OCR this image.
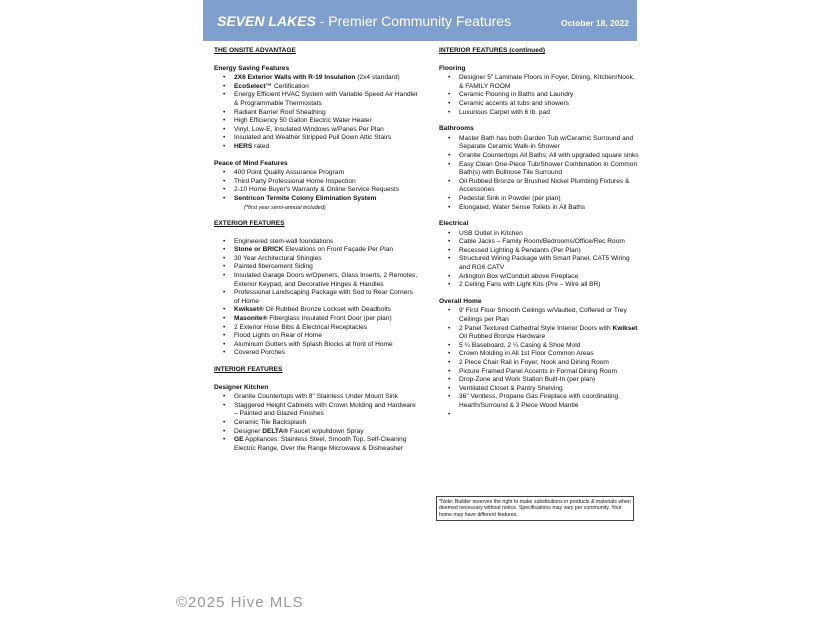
SEVEN LAKES - Premier Community Features	October 18, 2022
THE ONSITE ADVANTAGE
Energy Saving Features
• 2X6 Exterior Walls with R-19 Insulation (2x4 standard)
• EcoSelect™ Certification
• Energy Efficient HVAC System with Variable Speed Air Handler & Programmable Thermostats
• Radiant Barrier Roof Sheathing
• High Efficiency 50 Gallon Electric Water Heater
• Vinyl, Low-E, Insulated Windows w/Panes Per Plan
• Insulated and Weather Stripped Pull Down Attic Stairs
• HERS rated
Peace of Mind Features
• 400 Point Quality Assurance Program
• Third Party Professional Home Inspection
• 2-10 Home Buyer's Warranty & Online Service Requests
• Sentricon Termite Colony Elimination System
(*first year semi-annual included)
EXTERIOR FEATURES
• Engineered stem-wall foundations
• Stone or BRICK Elevations on Front Façade Per Plan
• 30 Year Architectural Shingles
• Painted fibercement Siding
• Insulated Garage Doors w/Openers, Glass Inserts, 2 Remotes, Exterior Keypad, and Decorative Hinges & Handles
• Professional Landscaping Package with Sod to Rear Corners of Home
• Kwikset® Oil Rubbed Bronze Lockset with Deadbolts
• Masonite® Fiberglass Insulated Front Door (per plan)
• 2 Exterior Hose Bibs & Electrical Receptacles
• Flood Lights on Rear of Home
• Aluminum Gutters with Splash Blocks at front of Home
• Covered Porches
INTERIOR FEATURES
Designer Kitchen
• Granite Countertops with 8" Stainless Under Mount Sink
• Staggered Height Cabinets with Crown Molding and Hardware – Painted and Glazed Finishes
• Ceramic Tile Backsplash
• Designer DELTA® Faucet w/pulldown Spray
• GE Appliances: Stainless Steel, Smooth Top, Self-Cleaning Electric Range, Over the Range Microwave & Dishwasher
INTERIOR FEATURES (continued)
Flooring
• Designer 5" Laminate Floors in Foyer, Dining, Kitchen/Nook, & FAMILY ROOM
• Ceramic Flooring in Baths and Laundry
• Ceramic accents at tubs and showers
• Luxurious Carpet with 6 lb. pad
Bathrooms
• Master Bath has both Garden Tub w/Ceramic Surround and Separate Ceramic Walk-in Shower
• Granite Countertops All Baths; All with upgraded square sinks
• Easy Clean One-Piece Tub/Shower Combination in Common Bath(s) with Bullnose Tile Surround
• Oil Rubbed Bronze or Brushed Nickel Plumbing Fixtures & Accessories
• Pedestal Sink in Powder (per plan)
• Elongated, Water Sense Toilets in All Baths
Electrical
• USB Outlet in Kitchen
• Cable Jacks – Family Room/Bedrooms/Office/Rec Room
• Recessed Lighting & Pendants (Per Plan)
• Structured Wiring Package with Smart Panel, CAT5 Wiring and RG6 CATV
• Arlington Box w/Conduit above Fireplace
• 2 Ceiling Fans with Light Kits (Pre – Wire all BR)
Overall Home
• 9' First Floor Smooth Ceilings w/Vaulted, Coffered or Trey Ceilings per Plan
• 2 Panel Textured Cathedral Style Interior Doors with Kwikset Oil Rubbed Bronze Hardware
• 5 ¼ Baseboard, 2 ¼ Casing & Shoe Mold
• Crown Molding in All 1st Floor Common Areas
• 2 Piece Chair Rail in Foyer, Nook and Dining Room
• Picture Framed Panel Accents in Formal Dining Room
• Drop-Zone and Work Station Built-In (per plan)
• Ventilated Closet & Pantry Shelving
• 36" Ventless, Propane Gas Fireplace with coordinating Hearth/Surround & 3 Piece Wood Mantle
*Note: Builder reserves the right to make substitutions in products & materials when deemed necessary without notice. Specifications may vary per community. Your home may have different features.
©2025 Hive MLS
